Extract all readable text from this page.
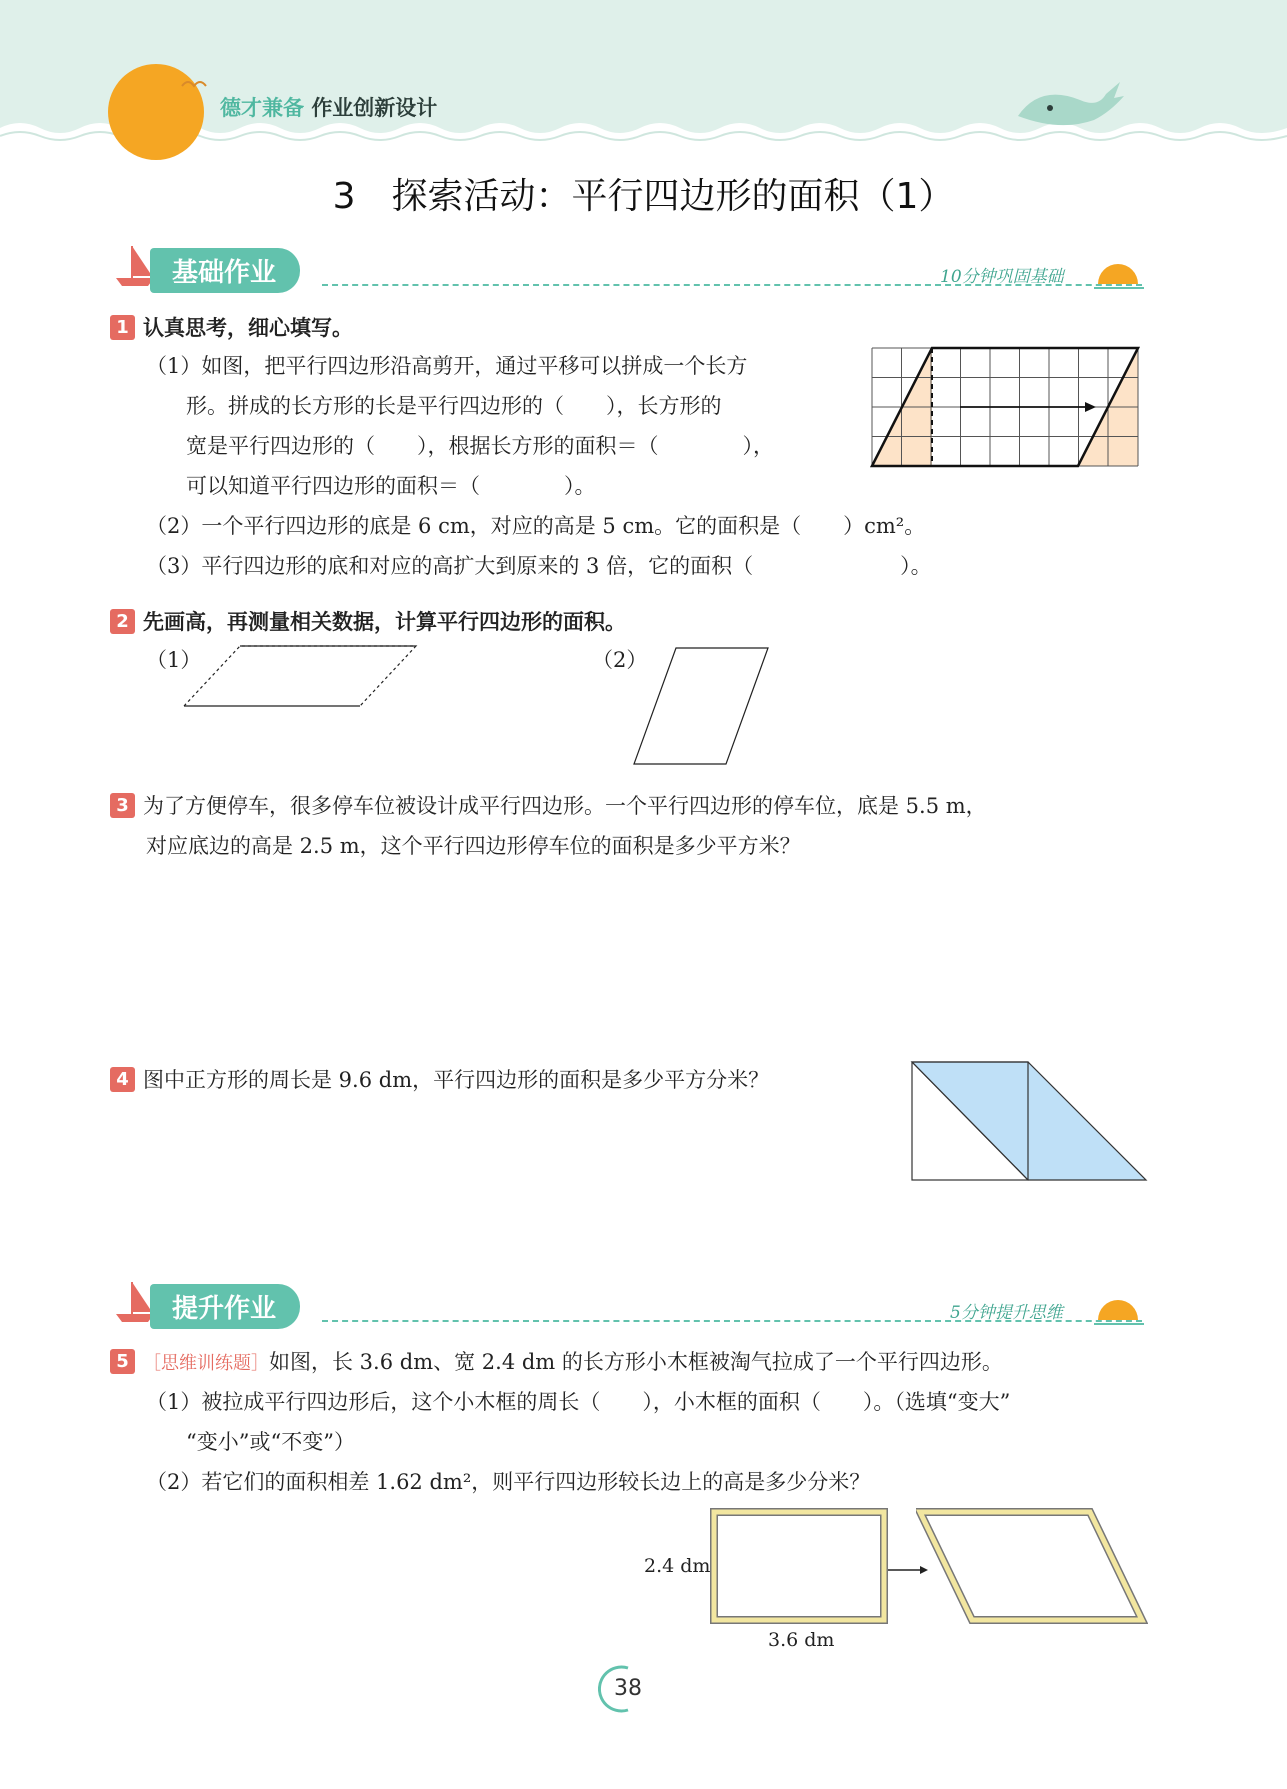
德才兼备 作业创新设计
3　探索活动：平行四边形的面积（1）
基础作业	10分钟巩固基础
1 认真思考，细心填写。
（1）如图，把平行四边形沿高剪开，通过平移可以拼成一个长方
形。拼成的长方形的长是平行四边形的（　　），长方形的
宽是平行四边形的（　　），根据长方形的面积＝（　　　　），
可以知道平行四边形的面积＝（　　　　）。
（2）一个平行四边形的底是 6 cm，对应的高是 5 cm。它的面积是（　　）cm²。
（3）平行四边形的底和对应的高扩大到原来的 3 倍，它的面积（　　　　　　　）。
2 先画高，再测量相关数据，计算平行四边形的面积。
（1）	（2）
3 为了方便停车，很多停车位被设计成平行四边形。一个平行四边形的停车位，底是 5.5 m，
对应底边的高是 2.5 m，这个平行四边形停车位的面积是多少平方米？
4 图中正方形的周长是 9.6 dm，平行四边形的面积是多少平方分米？
提升作业	5分钟提升思维
5 ［思维训练题］如图，长 3.6 dm、宽 2.4 dm 的长方形小木框被淘气拉成了一个平行四边形。
（1）被拉成平行四边形后，这个小木框的周长（　　），小木框的面积（　　）。（选填“变大”
“变小”或“不变”）
（2）若它们的面积相差 1.62 dm²，则平行四边形较长边上的高是多少分米？
2.4 dm
3.6 dm
38
